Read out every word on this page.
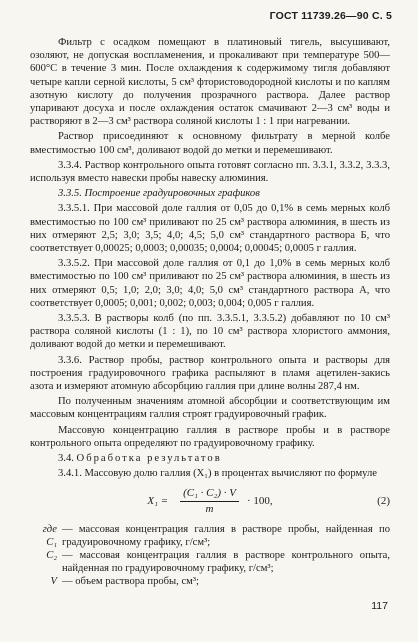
ГОСТ 11739.26—90 С. 5

Фильтр с осадком помещают в платиновый тигель, высушивают, озоляют, не допуская воспламенения, и прокаливают при температуре 500—600°С в течение 3 мин. После охлаждения к содержимому тигля добавляют четыре капли серной кислоты, 5 см³ фтористоводородной кислоты и по каплям азотную кислоту до получения прозрачного раствора. Далее раствор упаривают досуха и после охлаждения остаток смачивают 2—3 см³ воды и растворяют в 2—3 см³ раствора соляной кислоты 1 : 1 при нагревании.

Раствор присоединяют к основному фильтрату в мерной колбе вместимостью 100 см³, доливают водой до метки и перемешивают.

3.3.4. Раствор контрольного опыта готовят согласно пп. 3.3.1, 3.3.2, 3.3.3, используя вместо навески пробы навеску алюминия.

3.3.5. Построение градуировочных графиков

3.3.5.1. При массовой доле галлия от 0,05 до 0,1% в семь мерных колб вместимостью по 100 см³ приливают по 25 см³ раствора алюминия, в шесть из них отмеряют 2,5; 3,0; 3,5; 4,0; 4,5; 5,0 см³ стандартного раствора Б, что соответствует 0,00025; 0,0003; 0,00035; 0,0004; 0,00045; 0,0005 г галлия.

3.3.5.2. При массовой доле галлия от 0,1 до 1,0% в семь мерных колб вместимостью по 100 см³ приливают по 25 см³ раствора алюминия, в шесть из них отмеряют 0,5; 1,0; 2,0; 3,0; 4,0; 5,0 см³ стандартного раствора А, что соответствует 0,0005; 0,001; 0,002; 0,003; 0,004; 0,005 г галлия.

3.3.5.3. В растворы колб (по пп. 3.3.5.1, 3.3.5.2) добавляют по 10 см³ раствора соляной кислоты (1 : 1), по 10 см³ раствора хлористого аммония, доливают водой до метки и перемешивают.

3.3.6. Раствор пробы, раствор контрольного опыта и растворы для построения градуировочного графика распыляют в пламя ацетилен-закись азота и измеряют атомную абсорбцию галлия при длине волны 287,4 нм.

По полученным значениям атомной абсорбции и соответствующим им массовым концентрациям галлия строят градуировочный график.

Массовую концентрацию галлия в растворе пробы и в растворе контрольного опыта определяют по градуировочному графику.

3.4. Обработка результатов

3.4.1. Массовую долю галлия (X₁) в процентах вычисляют по формуле

$X_1 = \frac{\text{(C₁ · C₂) · V}}{m} \cdot 100$,	(2)
где C₁
— массовая концентрация галлия в растворе пробы, найденная по градуировочному графику, г/см³;
C₂ — массовая концентрация галлия в растворе контрольного опыта, найденная по градуировочному графику, г/см³;
V — объем раствора пробы, см³;
117
